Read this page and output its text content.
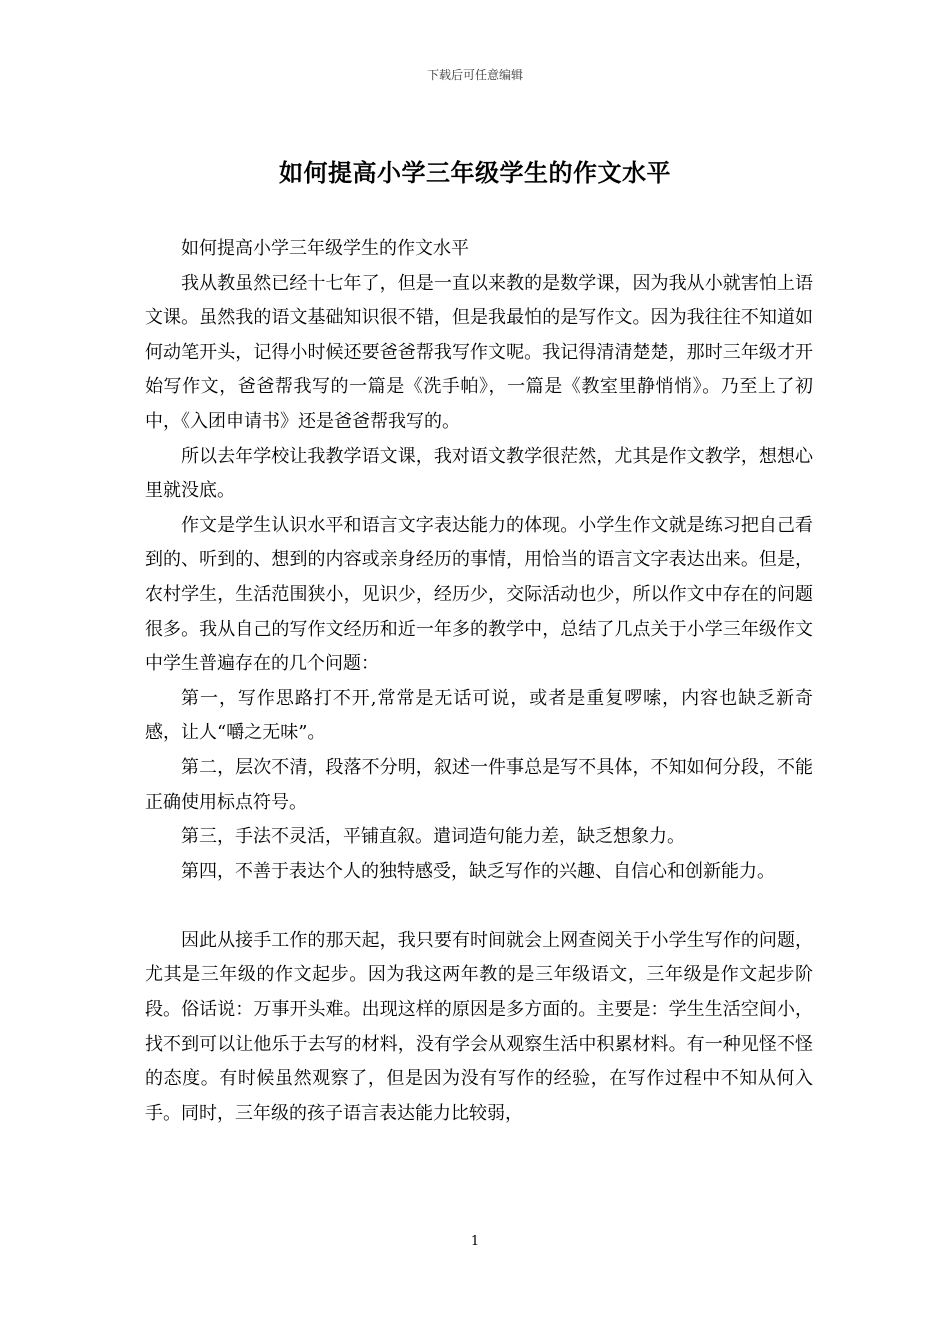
下载后可任意编辑
如何提高小学三年级学生的作文水平

如何提高小学三年级学生的作文水平

我从教虽然已经十七年了，但是一直以来教的是数学课，因为我从小就害怕上语文课。虽然我的语文基础知识很不错，但是我最怕的是写作文。因为我往往不知道如何动笔开头，记得小时候还要爸爸帮我写作文呢。我记得清清楚楚，那时三年级才开始写作文，爸爸帮我写的一篇是《洗手帕》，一篇是《教室里静悄悄》。乃至上了初中，《入团申请书》还是爸爸帮我写的。

所以去年学校让我教学语文课，我对语文教学很茫然，尤其是作文教学，想想心里就没底。

作文是学生认识水平和语言文字表达能力的体现。小学生作文就是练习把自己看到的、听到的、想到的内容或亲身经历的事情，用恰当的语言文字表达出来。但是，农村学生，生活范围狭小，见识少，经历少，交际活动也少，所以作文中存在的问题很多。我从自己的写作文经历和近一年多的教学中，总结了几点关于小学三年级作文中学生普遍存在的几个问题：

第一，写作思路打不开,常常是无话可说，或者是重复啰嗦，内容也缺乏新奇感，让人“嚼之无味”。

第二，层次不清，段落不分明，叙述一件事总是写不具体，不知如何分段，不能正确使用标点符号。

第三，手法不灵活，平铺直叙。遣词造句能力差，缺乏想象力。

第四，不善于表达个人的独特感受，缺乏写作的兴趣、自信心和创新能力。

因此从接手工作的那天起，我只要有时间就会上网查阅关于小学生写作的问题，尤其是三年级的作文起步。因为我这两年教的是三年级语文，三年级是作文起步阶段。俗话说：万事开头难。出现这样的原因是多方面的。主要是：学生生活空间小，找不到可以让他乐于去写的材料，没有学会从观察生活中积累材料。有一种见怪不怪的态度。有时候虽然观察了，但是因为没有写作的经验，在写作过程中不知从何入手。同时，三年级的孩子语言表达能力比较弱，

1
